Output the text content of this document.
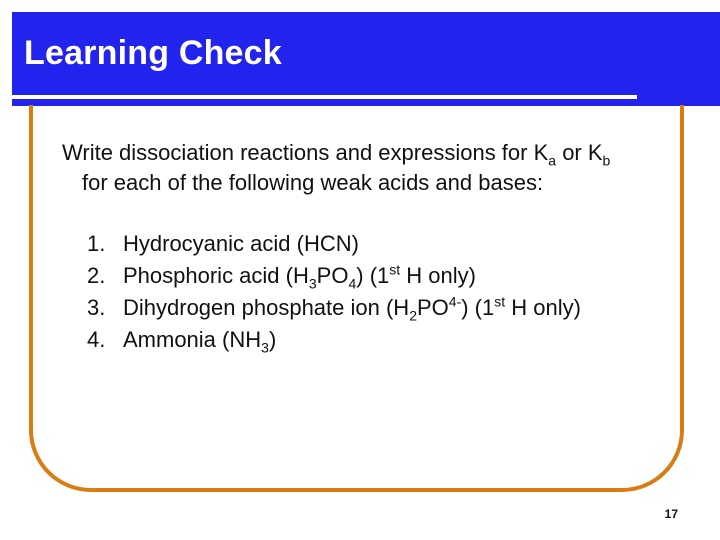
Learning Check
Write dissociation reactions and expressions for $K_a$ or $K_b$
for each of the following weak acids and bases:
1. Hydrocyanic acid (HCN)
2. Phosphoric acid $(H_3PO_4)$ (1st H only)
3. Dihydrogen phosphate ion $(H_2PO^{4-})$ (1st H only)
4. Ammonia $(NH_3)$
17
